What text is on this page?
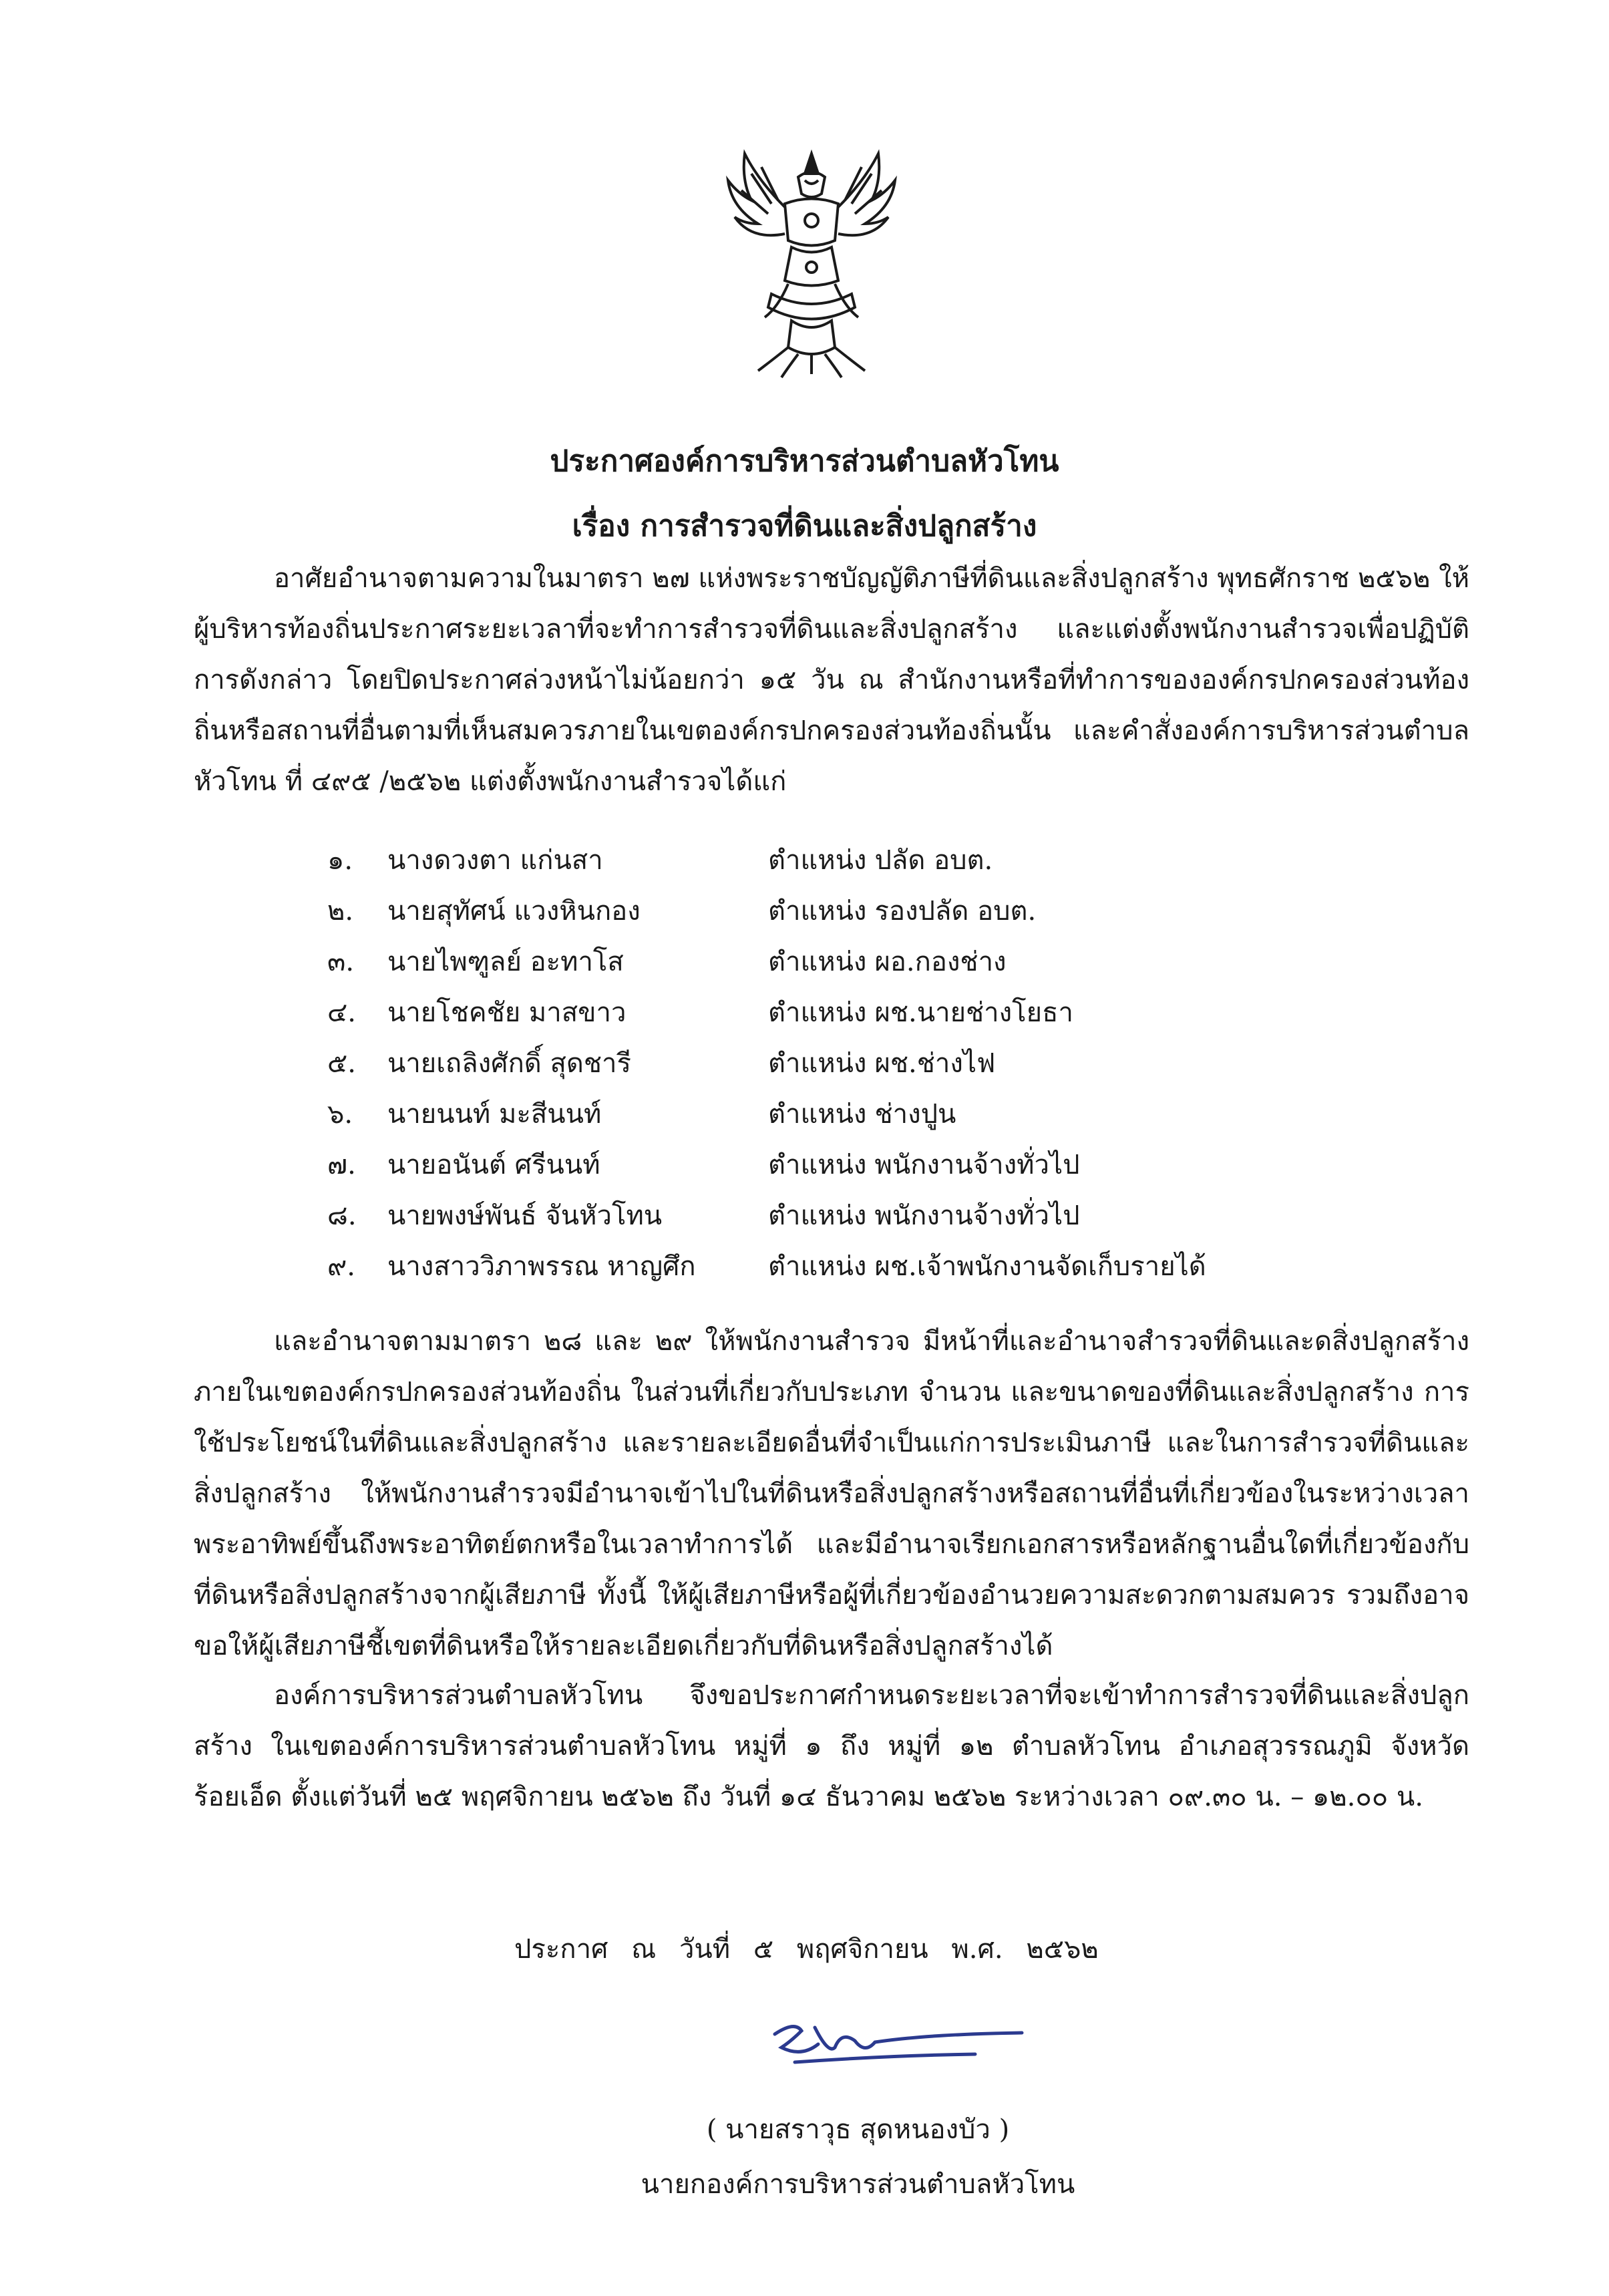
ประกาศองค์การบริหารส่วนตำบลหัวโทน
เรื่อง การสำรวจที่ดินและสิ่งปลูกสร้าง

อาศัยอำนาจตามความในมาตรา ๒๗ แห่งพระราชบัญญัติภาษีที่ดินและสิ่งปลูกสร้าง พุทธศักราช ๒๕๖๒ ให้ผู้บริหารท้องถิ่นประกาศระยะเวลาที่จะทำการสำรวจที่ดินและสิ่งปลูกสร้าง และแต่งตั้งพนักงานสำรวจเพื่อปฏิบัติการดังกล่าว โดยปิดประกาศล่วงหน้าไม่น้อยกว่า ๑๕ วัน ณ สำนักงานหรือที่ทำการขององค์กรปกครองส่วนท้องถิ่นหรือสถานที่อื่นตามที่เห็นสมควรภายในเขตองค์กรปกครองส่วนท้องถิ่นนั้น และคำสั่งองค์การบริหารส่วนตำบลหัวโทน ที่ ๔๙๕ /๒๕๖๒ แต่งตั้งพนักงานสำรวจได้แก่

๑.	นางดวงตา แก่นสา	ตำแหน่ง ปลัด อบต.
๒.	นายสุทัศน์ แวงหินกอง	ตำแหน่ง รองปลัด อบต.
๓.	นายไพฑูลย์ อะทาโส	ตำแหน่ง ผอ.กองช่าง
๔.	นายโชคชัย มาสขาว	ตำแหน่ง ผช.นายช่างโยธา
๕.	นายเถลิงศักดิ์ สุดชารี	ตำแหน่ง ผช.ช่างไฟ
๖.	นายนนท์ มะสีนนท์	ตำแหน่ง ช่างปูน
๗.	นายอนันต์ ศรีนนท์	ตำแหน่ง พนักงานจ้างทั่วไป
๘.	นายพงษ์พันธ์ จันหัวโทน	ตำแหน่ง พนักงานจ้างทั่วไป
๙.	นางสาววิภาพรรณ หาญศึก	ตำแหน่ง ผช.เจ้าพนักงานจัดเก็บรายได้

และอำนาจตามมาตรา ๒๘ และ ๒๙ ให้พนักงานสำรวจ มีหน้าที่และอำนาจสำรวจที่ดินและดสิ่งปลูกสร้างภายในเขตองค์กรปกครองส่วนท้องถิ่น ในส่วนที่เกี่ยวกับประเภท จำนวน และขนาดของที่ดินและสิ่งปลูกสร้าง การใช้ประโยชน์ในที่ดินและสิ่งปลูกสร้าง และรายละเอียดอื่นที่จำเป็นแก่การประเมินภาษี และในการสำรวจที่ดินและสิ่งปลูกสร้าง ให้พนักงานสำรวจมีอำนาจเข้าไปในที่ดินหรือสิ่งปลูกสร้างหรือสถานที่อื่นที่เกี่ยวข้องในระหว่างเวลาพระอาทิพย์ขึ้นถึงพระอาทิตย์ตกหรือในเวลาทำการได้ และมีอำนาจเรียกเอกสารหรือหลักฐานอื่นใดที่เกี่ยวข้องกับที่ดินหรือสิ่งปลูกสร้างจากผู้เสียภาษี ทั้งนี้ ให้ผู้เสียภาษีหรือผู้ที่เกี่ยวข้องอำนวยความสะดวกตามสมควร รวมถึงอาจขอให้ผู้เสียภาษีชี้เขตที่ดินหรือให้รายละเอียดเกี่ยวกับที่ดินหรือสิ่งปลูกสร้างได้

องค์การบริหารส่วนตำบลหัวโทน จึงขอประกาศกำหนดระยะเวลาที่จะเข้าทำการสำรวจที่ดินและสิ่งปลูกสร้าง ในเขตองค์การบริหารส่วนตำบลหัวโทน หมู่ที่ ๑ ถึง หมู่ที่ ๑๒ ตำบลหัวโทน อำเภอสุวรรณภูมิ จังหวัดร้อยเอ็ด ตั้งแต่วันที่ ๒๕ พฤศจิกายน ๒๕๖๒ ถึง วันที่ ๑๔ ธันวาคม ๒๕๖๒ ระหว่างเวลา ๐๙.๓๐ น. – ๑๒.๐๐ น.

ประกาศ ณ วันที่ ๕ พฤศจิกายน พ.ศ. ๒๕๖๒
( นายสราวุธ สุดหนองบัว )
นายกองค์การบริหารส่วนตำบลหัวโทน
